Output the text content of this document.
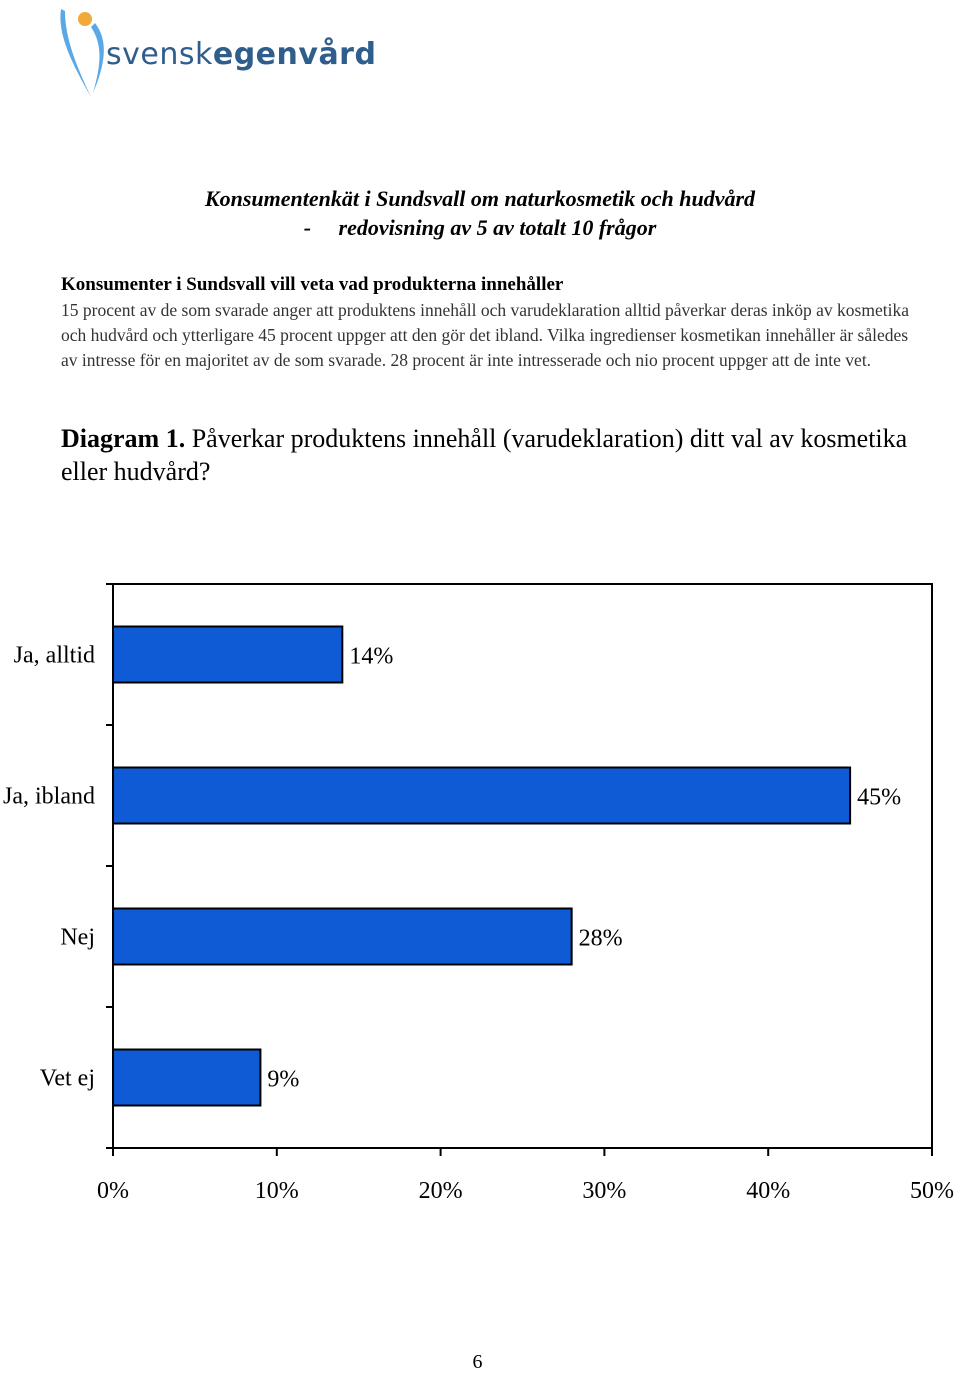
svenskegenvård
Konsumentenkät i Sundsvall om naturkosmetik och hudvård
-     redovisning av 5 av totalt 10 frågor
Konsumenter i Sundsvall vill veta vad produkterna innehåller
15 procent av de som svarade anger att produktens innehåll och varudeklaration alltid påverkar deras inköp av kosmetika och hudvård och ytterligare 45 procent uppger att den gör det ibland. Vilka ingredienser kosmetikan innehåller är således av intresse för en majoritet av de som svarade. 28 procent är inte intresserade och nio procent uppger att de inte vet.
Diagram 1. Påverkar produktens innehåll (varudeklaration) ditt val av kosmetika eller hudvård?
0%	10%	20%	30%	40%	50%
Ja, alltid	14%
Ja, ibland	45%
Nej	28%
Vet ej	9%
6
